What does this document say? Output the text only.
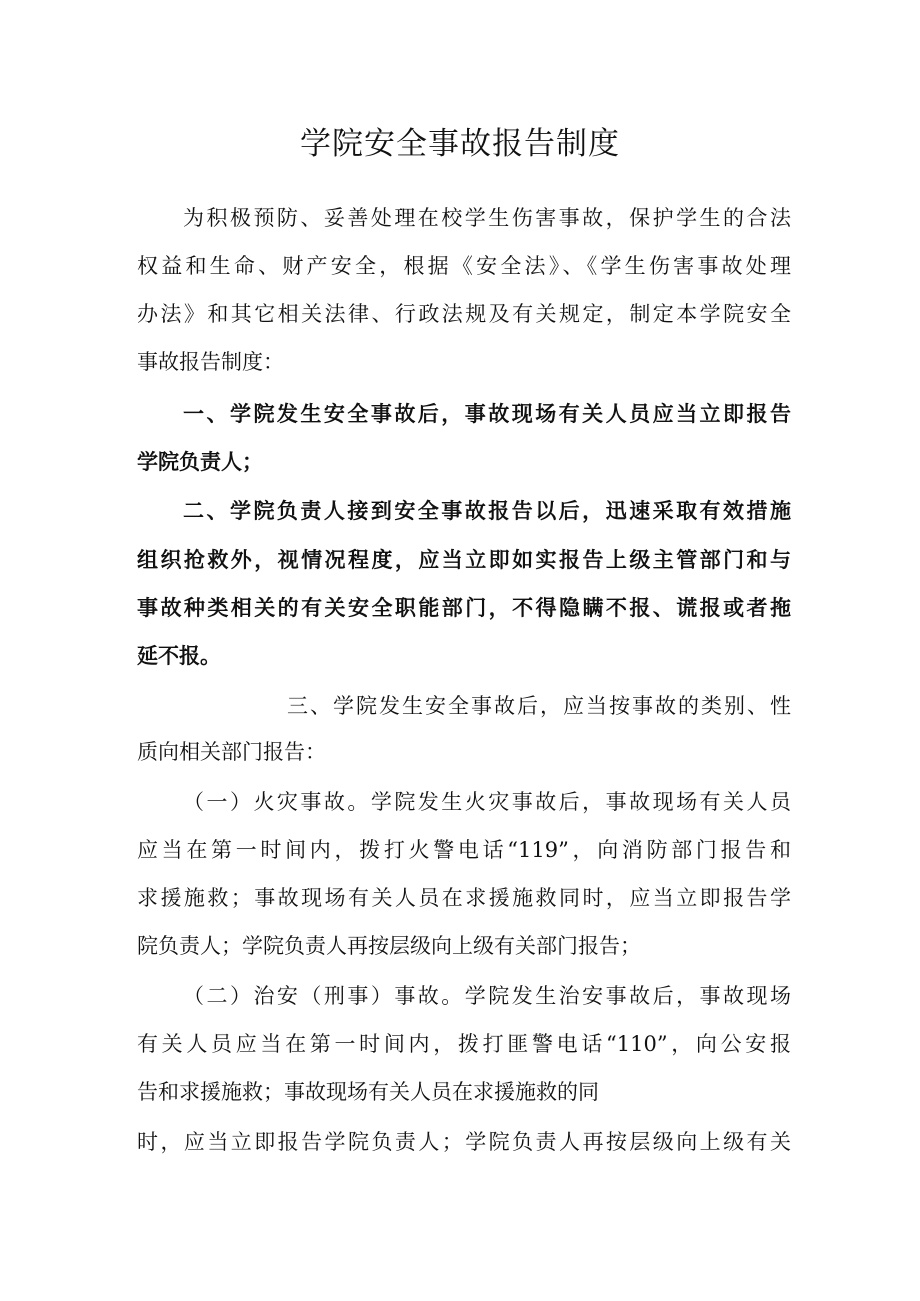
学院安全事故报告制度
为积极预防、妥善处理在校学生伤害事故，保护学生的合法
权益和生命、财产安全，根据《安全法》、《学生伤害事故处理
办法》和其它相关法律、行政法规及有关规定，制定本学院安全
事故报告制度：
一、学院发生安全事故后，事故现场有关人员应当立即报告
学院负责人；
二、学院负责人接到安全事故报告以后，迅速采取有效措施
组织抢救外，视情况程度，应当立即如实报告上级主管部门和与
事故种类相关的有关安全职能部门，不得隐瞒不报、谎报或者拖
延不报。
三、学院发生安全事故后，应当按事故的类别、性
质向相关部门报告：
（一）火灾事故。学院发生火灾事故后，事故现场有关人员
应当在第一时间内，拨打火警电话“119”，向消防部门报告和
求援施救；事故现场有关人员在求援施救同时，应当立即报告学
院负责人；学院负责人再按层级向上级有关部门报告；
（二）治安（刑事）事故。学院发生治安事故后，事故现场
有关人员应当在第一时间内，拨打匪警电话“110”，向公安报
告和求援施救；事故现场有关人员在求援施救的同
时，应当立即报告学院负责人；学院负责人再按层级向上级有关
